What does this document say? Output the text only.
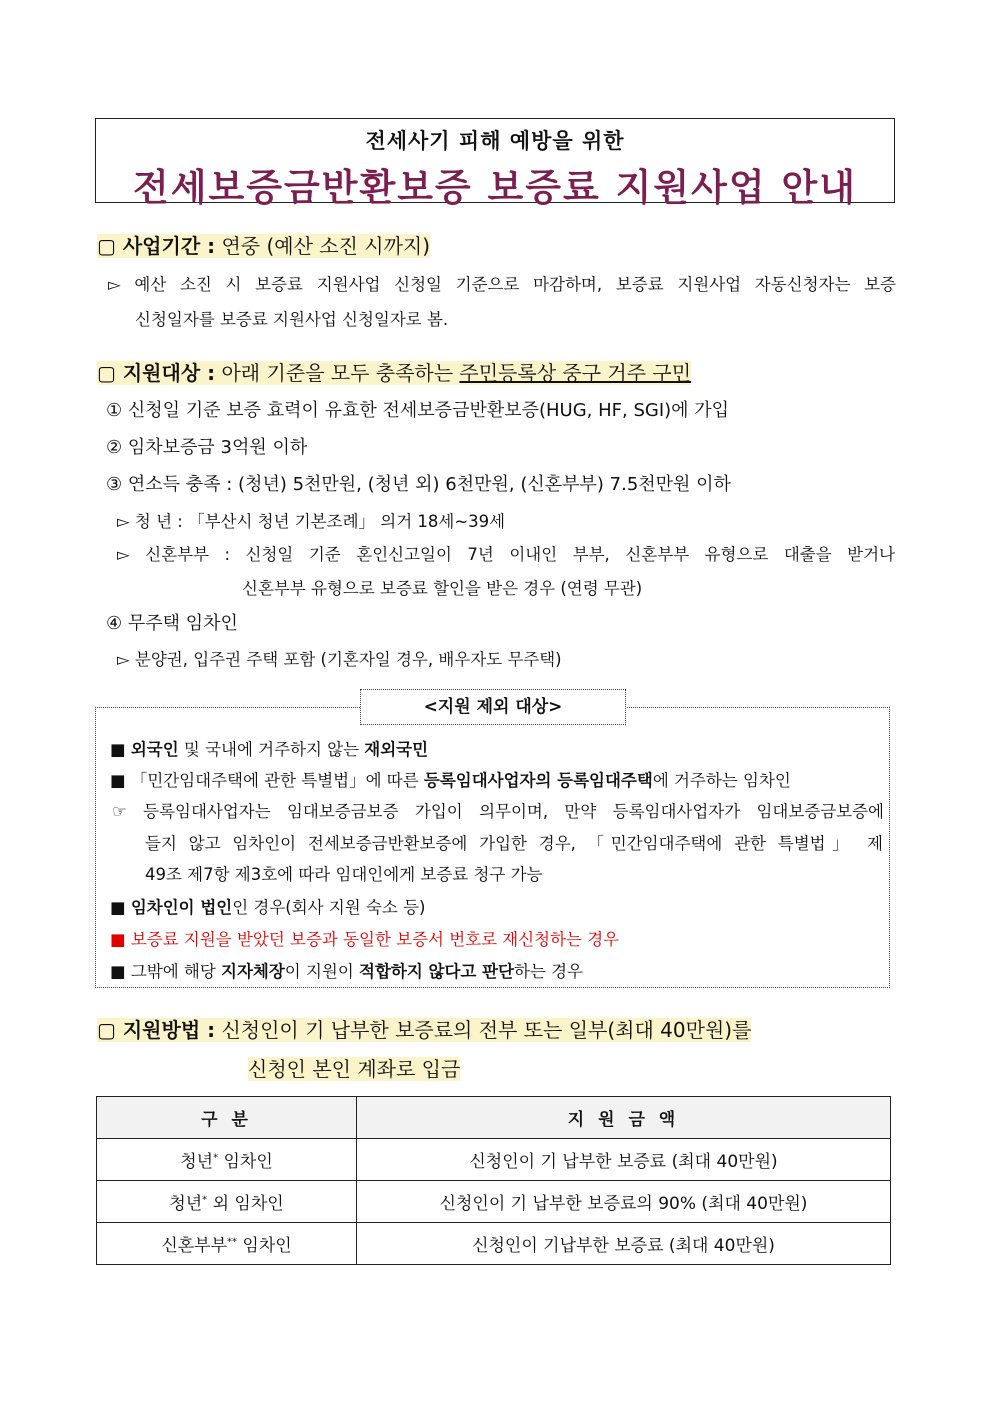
전세사기 피해 예방을 위한
전세보증금반환보증 보증료 지원사업 안내
▢ 사업기간 : 연중 (예산 소진 시까지)
▻ 예산 소진 시 보증료 지원사업 신청일 기준으로 마감하며, 보증료 지원사업 자동신청자는 보증
신청일자를 보증료 지원사업 신청일자로 봄.
▢ 지원대상 : 아래 기준을 모두 충족하는 주민등록상 중구 거주 구민
① 신청일 기준 보증 효력이 유효한 전세보증금반환보증(HUG, HF, SGI)에 가입
② 임차보증금 3억원 이하
③ 연소득 충족 : (청년) 5천만원, (청년 외) 6천만원, (신혼부부) 7.5천만원 이하
▻ 청 년 : 「부산시 청년 기본조례」 의거 18세~39세
▻ 신혼부부 : 신청일 기준 혼인신고일이 7년 이내인 부부, 신혼부부 유형으로 대출을 받거나
신혼부부 유형으로 보증료 할인을 받은 경우 (연령 무관)
④ 무주택 임차인
▻ 분양권, 입주권 주택 포함 (기혼자일 경우, 배우자도 무주택)
<지원 제외 대상>
■ 외국인 및 국내에 거주하지 않는 재외국민
■ 「민간임대주택에 관한 특별법」에 따른 등록임대사업자의 등록임대주택에 거주하는 임차인
☞ 등록임대사업자는 임대보증금보증 가입이 의무이며, 만약 등록임대사업자가 임대보증금보증에
들지 않고 임차인이 전세보증금반환보증에 가입한 경우, 「민간임대주택에 관한 특별법」 제
49조 제7항 제3호에 따라 임대인에게 보증료 청구 가능
■ 임차인이 법인인 경우(회사 지원 숙소 등)
■ 보증료 지원을 받았던 보증과 동일한 보증서 번호로 재신청하는 경우
■ 그밖에 해당 지자체장이 지원이 적합하지 않다고 판단하는 경우
▢ 지원방법 : 신청인이 기 납부한 보증료의 전부 또는 일부(최대 40만원)를
신청인 본인 계좌로 입금
구 분	지 원 금 액
청년* 임차인	신청인이 기 납부한 보증료 (최대 40만원)
청년* 외 임차인	신청인이 기 납부한 보증료의 90% (최대 40만원)
신혼부부** 임차인	신청인이 기납부한 보증료 (최대 40만원)
